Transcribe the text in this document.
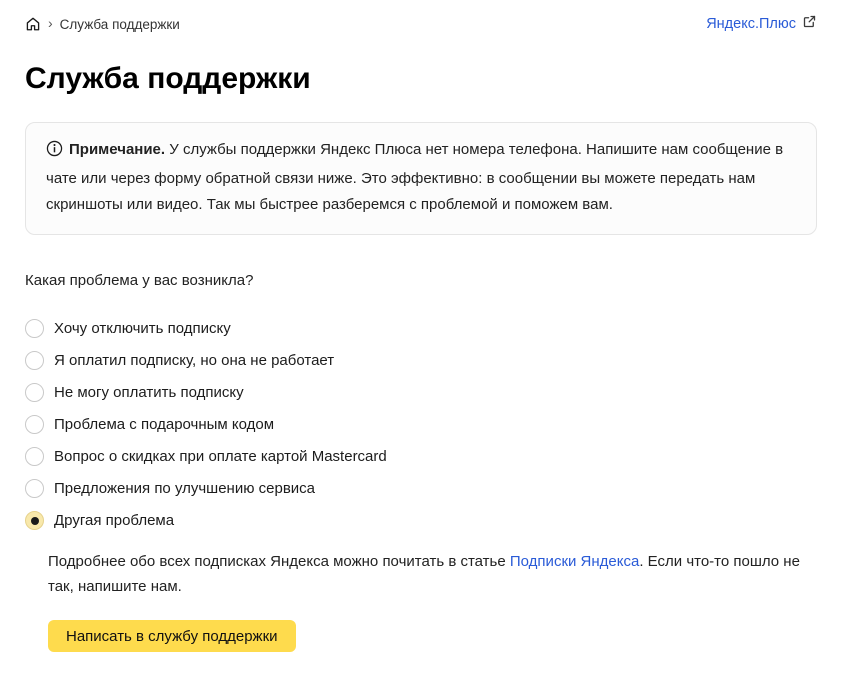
› Служба поддержки	Яндекс.Плюс
Служба поддержки

Примечание. У службы поддержки Яндекс Плюса нет номера телефона. Напишите нам сообщение в чате или через форму обратной связи ниже. Это эффективно: в сообщении вы можете передать нам скриншоты или видео. Так мы быстрее разберемся с проблемой и поможем вам.

Какая проблема у вас возникла?
Хочу отключить подписку
Я оплатил подписку, но она не работает
Не могу оплатить подписку
Проблема с подарочным кодом
Вопрос о скидках при оплате картой Mastercard
Предложения по улучшению сервиса
Другая проблема

Подробнее обо всех подписках Яндекса можно почитать в статье Подписки Яндекса. Если что-то пошло не так, напишите нам.

Написать в службу поддержки
